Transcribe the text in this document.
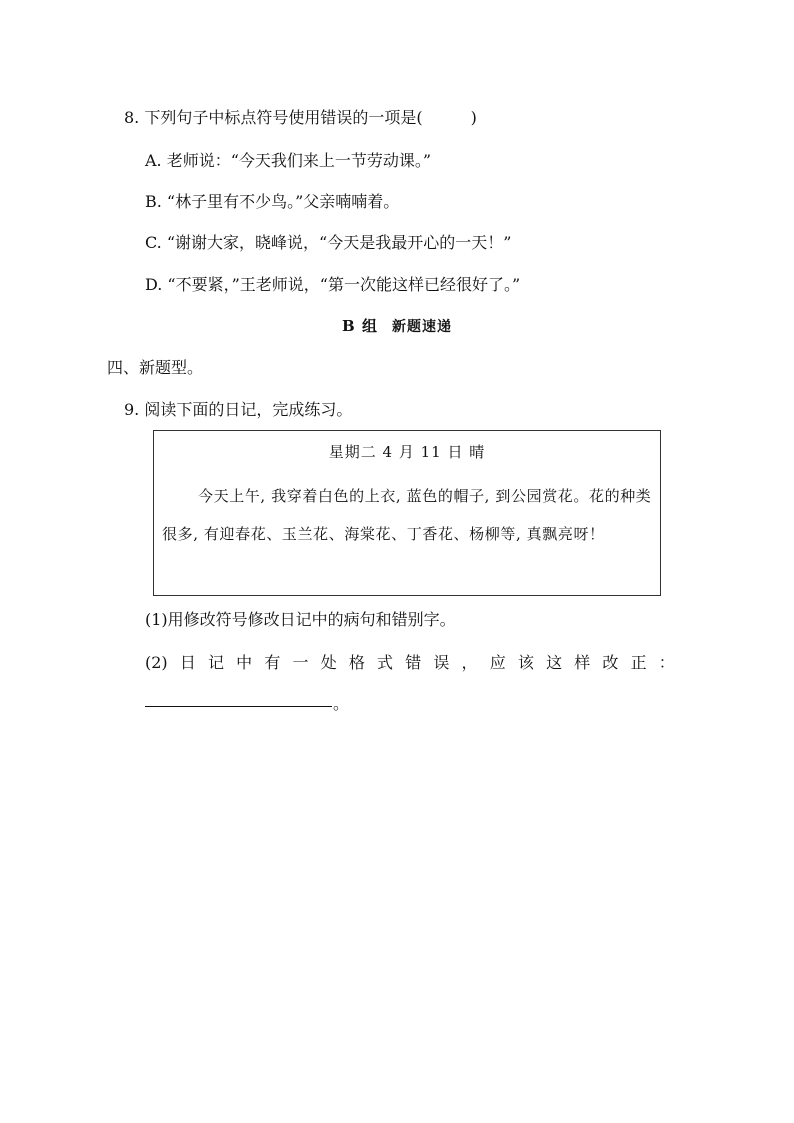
8. 下列句子中标点符号使用错误的一项是(　　　)
A. 老师说：“今天我们来上一节劳动课。”
B. “林子里有不少鸟。”父亲喃喃着。
C. “谢谢大家，晓峰说，“今天是我最开心的一天！”
D. “不要紧，”王老师说，“第一次能这样已经很好了。”
B 组 新题速递
四、新题型。
9. 阅读下面的日记，完成练习。
星期二 4 月 11 日 晴
今天上午, 我穿着白色的上衣, 蓝色的帽子, 到公园赏花。花的种类很多, 有迎春花、玉兰花、海棠花、丁香花、杨柳等, 真飘亮呀！
(1)用修改符号修改日记中的病句和错别字。
(2) 日 记 中 有 一 处 格 式 错 误 ， 应 该 这 样 改 正 ：
。
